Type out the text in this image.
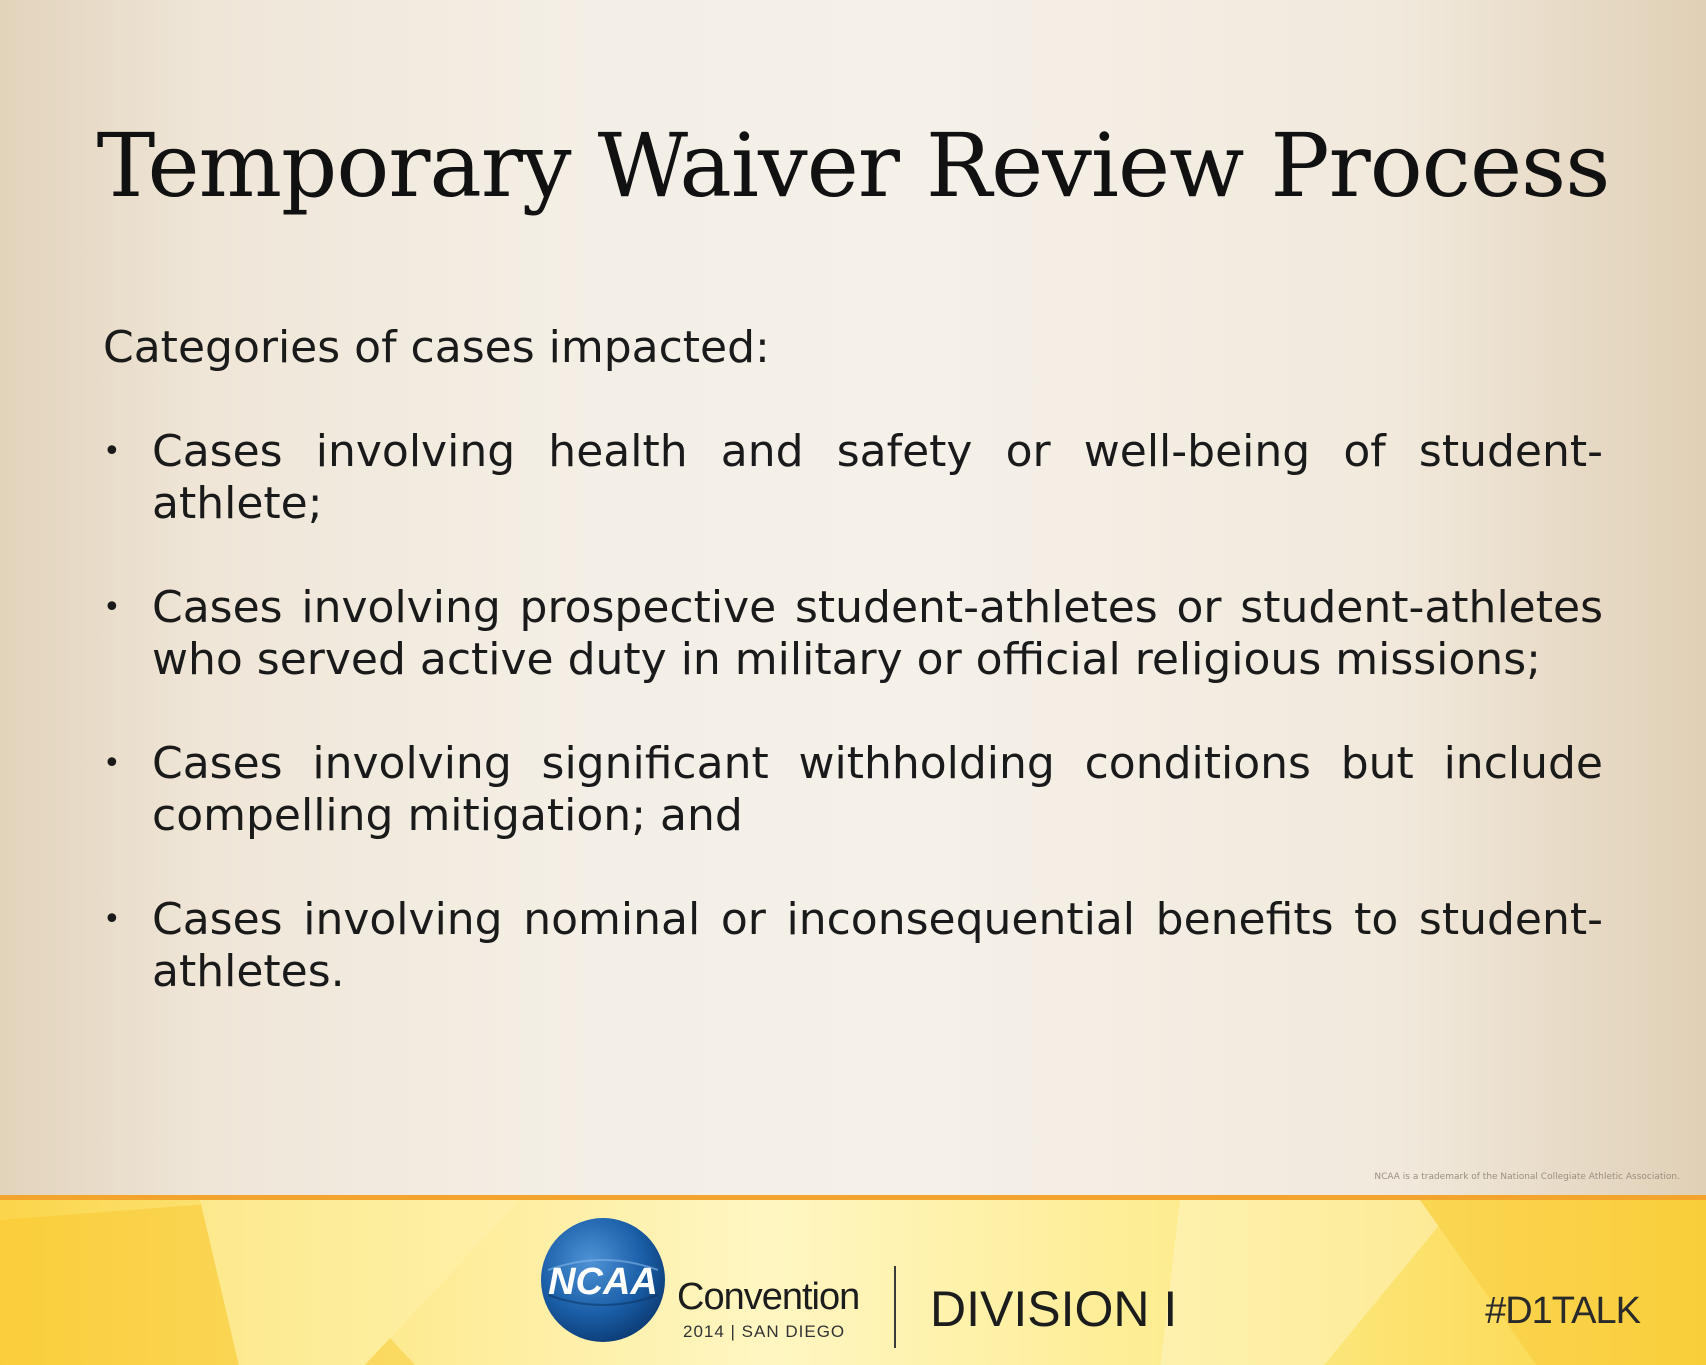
Temporary Waiver Review Process
Categories of cases impacted:
• Cases involving health and safety or well-being of student-athlete;
• Cases involving prospective student-athletes or student-athletes who served active duty in military or official religious missions;
• Cases involving significant withholding conditions but include compelling mitigation; and
• Cases involving nominal or inconsequential benefits to student-athletes.
NCAA is a trademark of the National Collegiate Athletic Association.
NCAA Convention
2014 | SAN DIEGO DIVISION I	#D1TALK
